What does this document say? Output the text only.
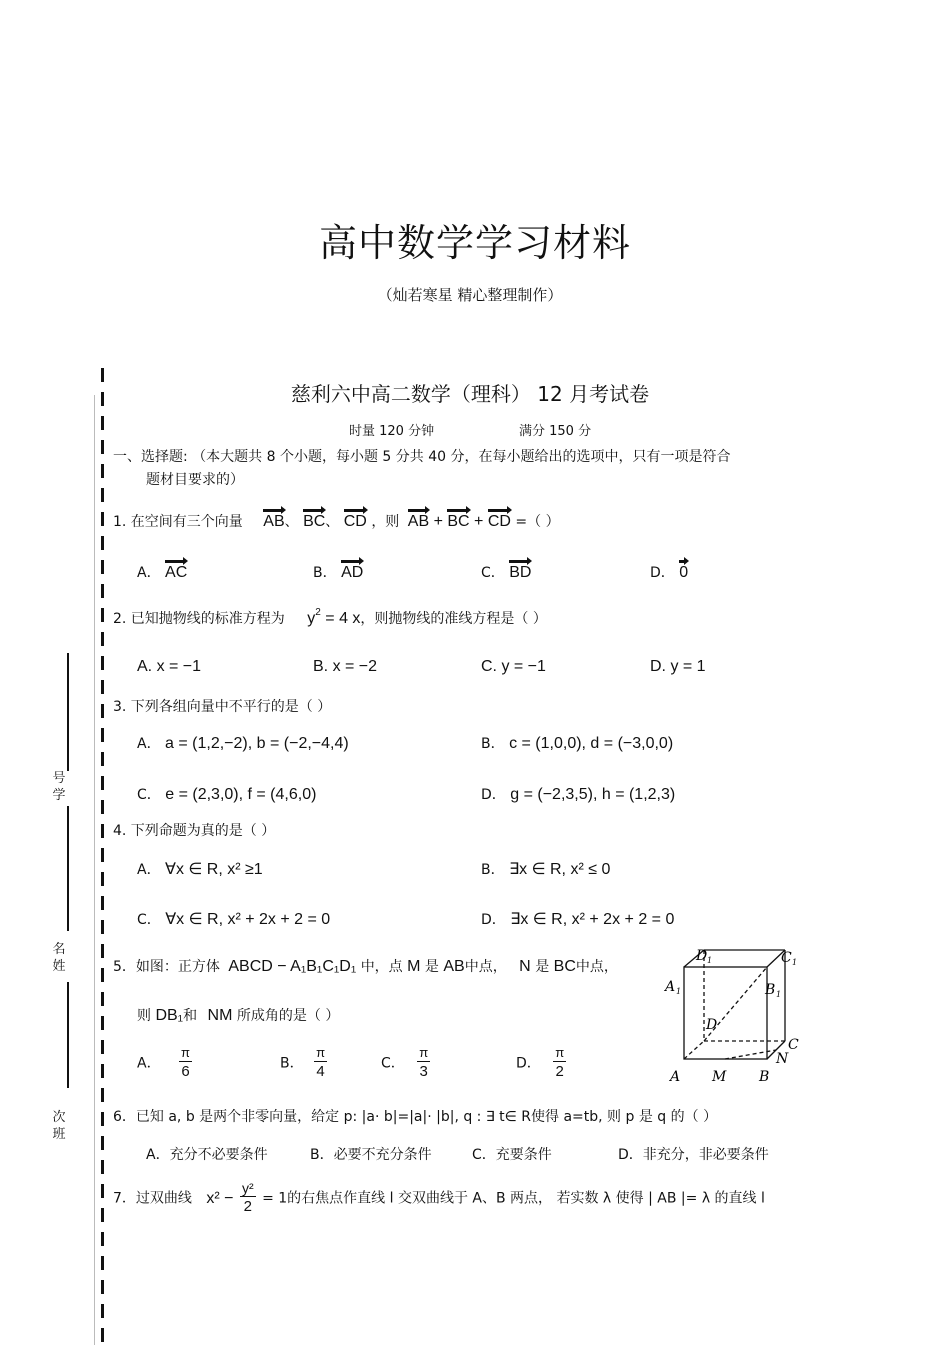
高中数学学习材料
（灿若寒星 精心整理制作）
号学
名姓
次班
慈利六中高二数学（理科） 12 月考试卷
时量 120 分钟	满分 150 分
一、选择题: （本大题共 8 个小题，每小题 5 分共 40 分，在每小题给出的选项中，只有一项是符合
题材目要求的）
1. 在空间有三个向量 AB、 BC、 CD ，则 AB + BC + CD =（ ）
A． AC	B． AD	C． BD	D． 0
2. 已知抛物线的标准方程为 $y^2 = 4$ x，则抛物线的准线方程是（ ）
A. x = −1	B. x = −2	C. y = −1	D. y = 1
3. 下列各组向量中不平行的是（ ）
A． a = (1,2,−2), b = (−2,−4,4)	B． c = (1,0,0), d = (−3,0,0)
C． e = (2,3,0), f = (4,6,0)	D． g = (−2,3,5), h = (1,2,3)
4. 下列命题为真的是（ ）
A． ∀x ∈ R, x² ≥1	B． ∃x ∈ R, x² ≤ 0
C． ∀x ∈ R, x² + 2x + 2 = 0	D． ∃x ∈ R, x² + 2x + 2 = 0
5．如图：正方体 ABCD − A₁B₁C₁D₁ 中，点 M 是 AB中点， N 是 BC中点，
则 DB₁和 NM 所成角的是（ ）
A． $\frac{\pi}{6}$	B． $\frac{\pi}{4}$	C． $\frac{\pi}{3}$	D． $\frac{\pi}{2}$
D 1	C 1
A 1	B 1
D
C
N
A M B
6．已知 a, b 是两个非零向量，给定 p: |a· b|=|a|· |b|, q : ∃ t∈ R使得 a=tb, 则 p 是 q 的（ ）
A．充分不必要条件	B．必要不充分条件	C．充要条件	D．非充分，非必要条件
7．过双曲线 $x^2 - \frac{\text{y²}}{2} = 1$的右焦点作直线 l 交双曲线于 A、B 两点， 若实数 λ 使得 | AB |= λ 的直线 l
